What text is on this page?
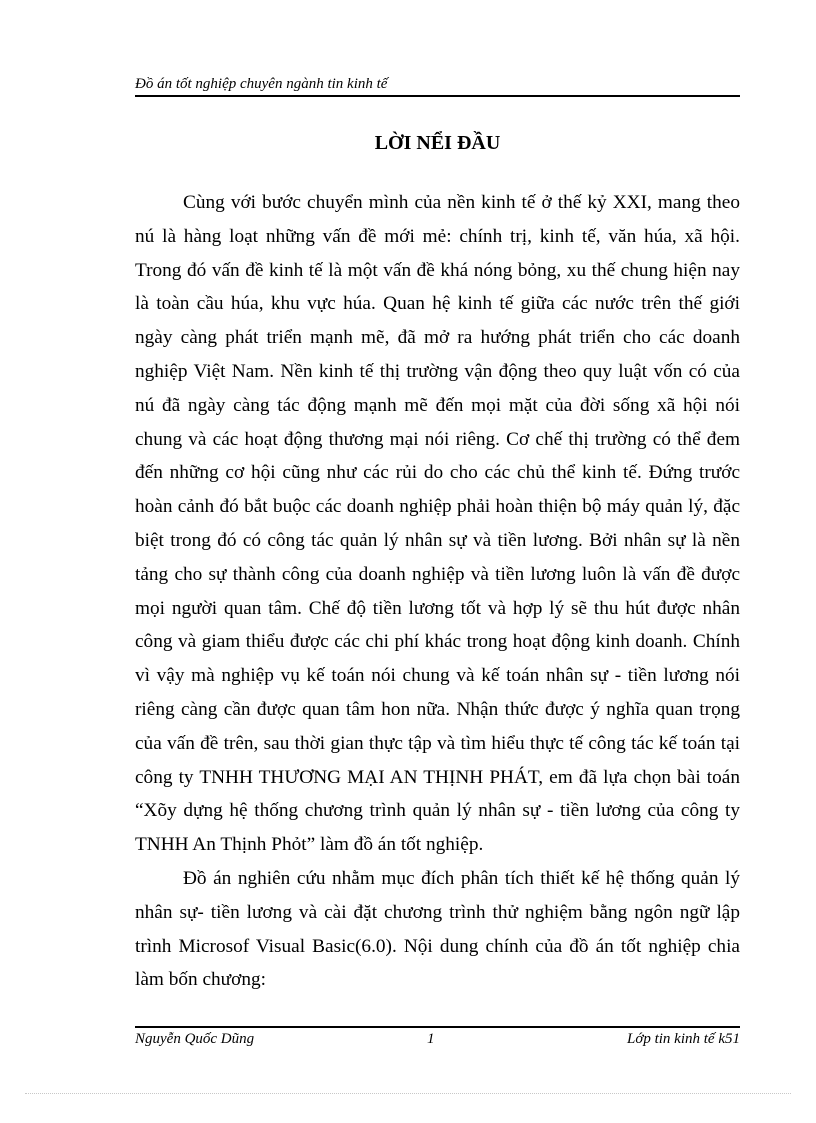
Đồ án tốt nghiệp chuyên ngành tin kinh tế
LỜI NỂI ĐẦU

Cùng với bước chuyển mình của nền kinh tế ở thế kỷ XXI, mang theo nú là hàng loạt những vấn đề mới mẻ: chính trị, kinh tế, văn húa, xã hội. Trong đó vấn đề kinh tế là một vấn đề khá nóng bỏng, xu thế chung hiện nay là toàn cầu húa, khu vực húa. Quan hệ kinh tế giữa các nước trên thế giới ngày càng phát triển mạnh mẽ, đã mở ra hướng phát triển cho các doanh nghiệp Việt Nam. Nền kinh tế thị trường vận động theo quy luật vốn có của nú đã ngày càng tác động mạnh mẽ đến mọi mặt của đời sống xã hội nói chung và các hoạt động thương mại nói riêng. Cơ chế thị trường có thể đem đến những cơ hội cũng như các rủi do cho các chủ thể kinh tế. Đứng trước hoàn cảnh đó bắt buộc các doanh nghiệp phải hoàn thiện bộ máy quản lý, đặc biệt trong đó có công tác quản lý nhân sự và tiền lương. Bởi nhân sự là nền tảng cho sự thành công của doanh nghiệp và tiền lương luôn là vấn đề được mọi người quan tâm. Chế độ tiền lương tốt và hợp lý sẽ thu hút được nhân công và giam thiểu được các chi phí khác trong hoạt động kinh doanh. Chính vì vậy mà nghiệp vụ kế toán nói chung và kế toán nhân sự - tiền lương nói riêng càng cần được quan tâm hon nữa. Nhận thức được ý nghĩa quan trọng của vấn đề trên, sau thời gian thực tập và tìm hiểu thực tế công tác kế toán tại công ty TNHH THƯƠNG MẠI AN THỊNH PHÁT, em đã lựa chọn bài toán “Xõy dựng hệ thống chương trình quản lý nhân sự - tiền lương của công ty TNHH An Thịnh Phỏt” làm đồ án tốt nghiệp.

Đồ án nghiên cứu nhằm mục đích phân tích thiết kế hệ thống quản lý nhân sự- tiền lương và cài đặt chương trình thử nghiệm bằng ngôn ngữ lập trình Microsof Visual Basic(6.0). Nội dung chính của đồ án tốt nghiệp chia làm bốn chương:

Nguyễn Quốc Dũng	1	Lớp tin kinh tế k51
